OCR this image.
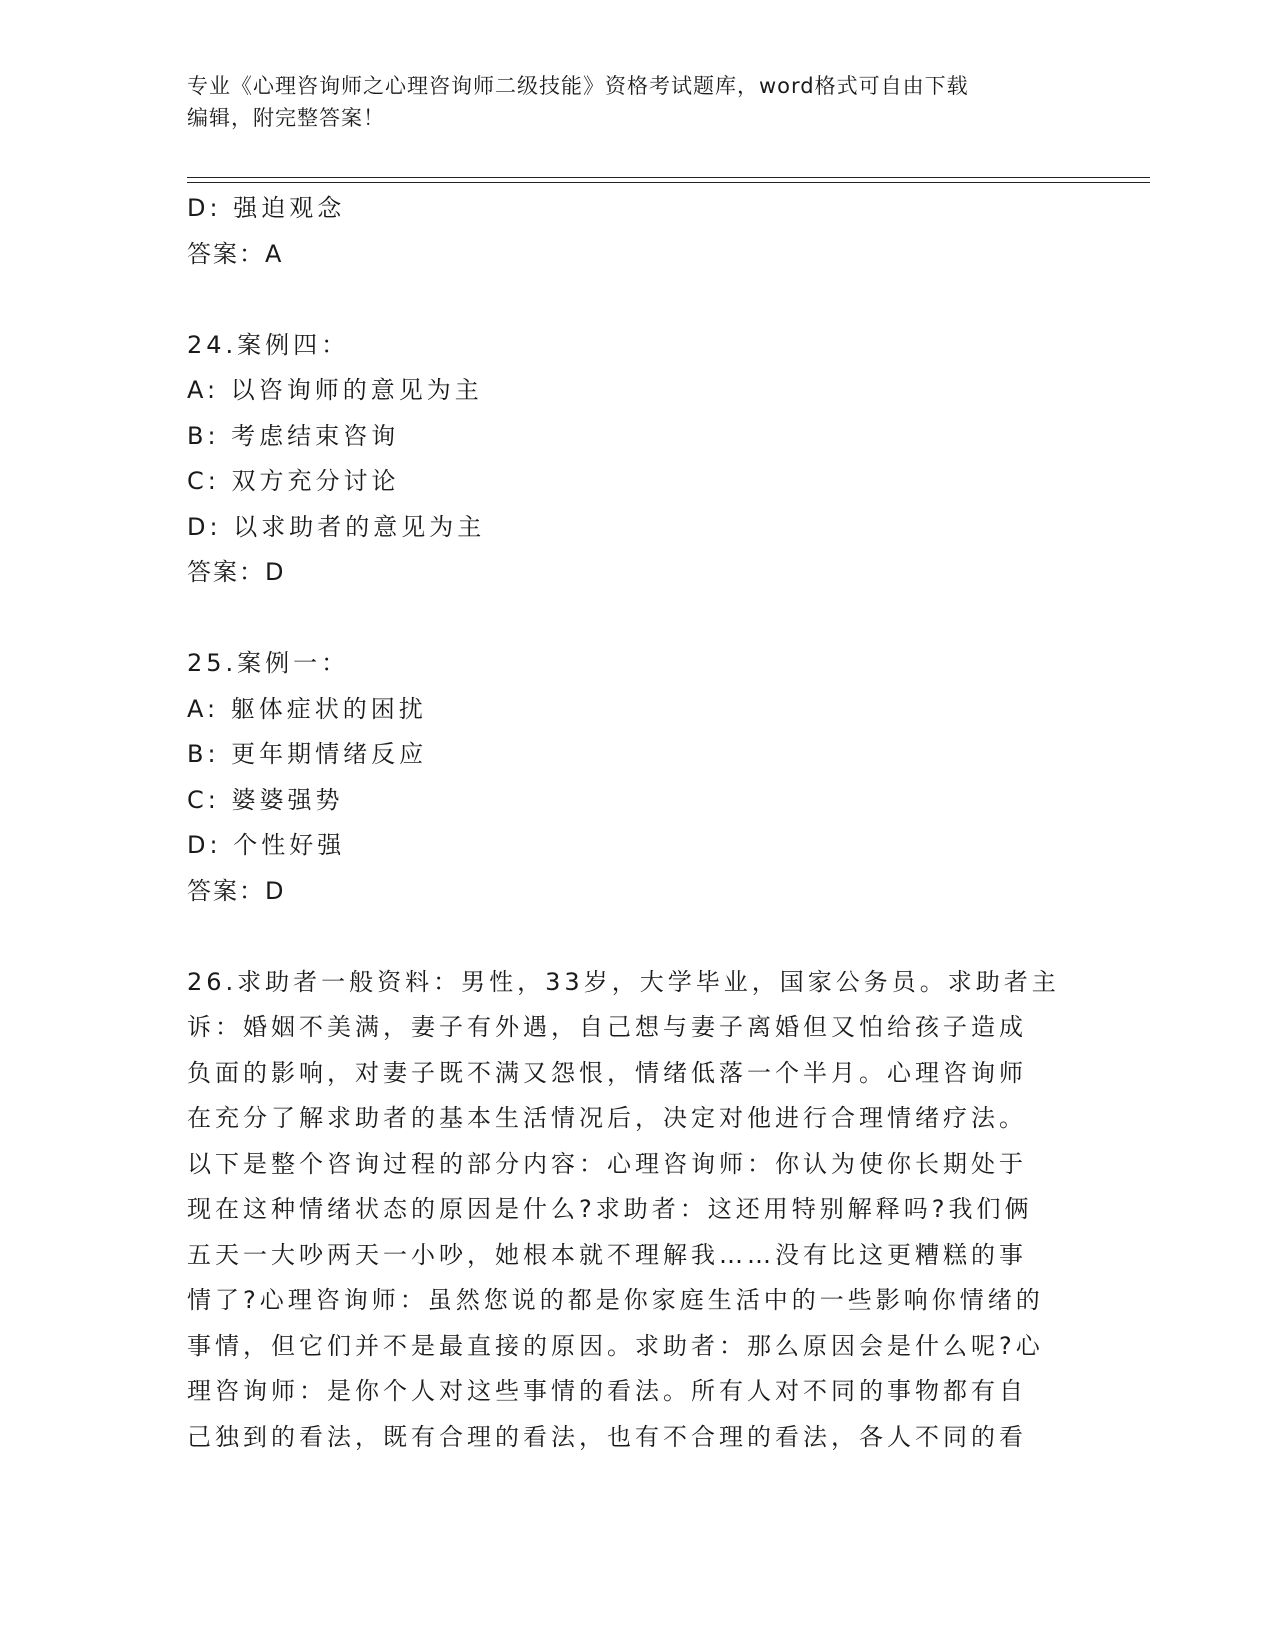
专业《心理咨询师之心理咨询师二级技能》资格考试题库，word格式可自由下载
编辑，附完整答案！
D: 强迫观念
答案：A
24.案例四：
A: 以咨询师的意见为主
B: 考虑结束咨询
C: 双方充分讨论
D: 以求助者的意见为主
答案：D
25.案例一：
A: 躯体症状的困扰
B: 更年期情绪反应
C: 婆婆强势
D: 个性好强
答案：D
26.求助者一般资料：男性，33岁，大学毕业，国家公务员。求助者主
诉：婚姻不美满，妻子有外遇，自己想与妻子离婚但又怕给孩子造成
负面的影响，对妻子既不满又怨恨，情绪低落一个半月。心理咨询师
在充分了解求助者的基本生活情况后，决定对他进行合理情绪疗法。
以下是整个咨询过程的部分内容：心理咨询师：你认为使你长期处于
现在这种情绪状态的原因是什么?求助者：这还用特别解释吗?我们俩
五天一大吵两天一小吵，她根本就不理解我……没有比这更糟糕的事
情了?心理咨询师：虽然您说的都是你家庭生活中的一些影响你情绪的
事情，但它们并不是最直接的原因。求助者：那么原因会是什么呢?心
理咨询师：是你个人对这些事情的看法。所有人对不同的事物都有自
己独到的看法，既有合理的看法，也有不合理的看法，各人不同的看
